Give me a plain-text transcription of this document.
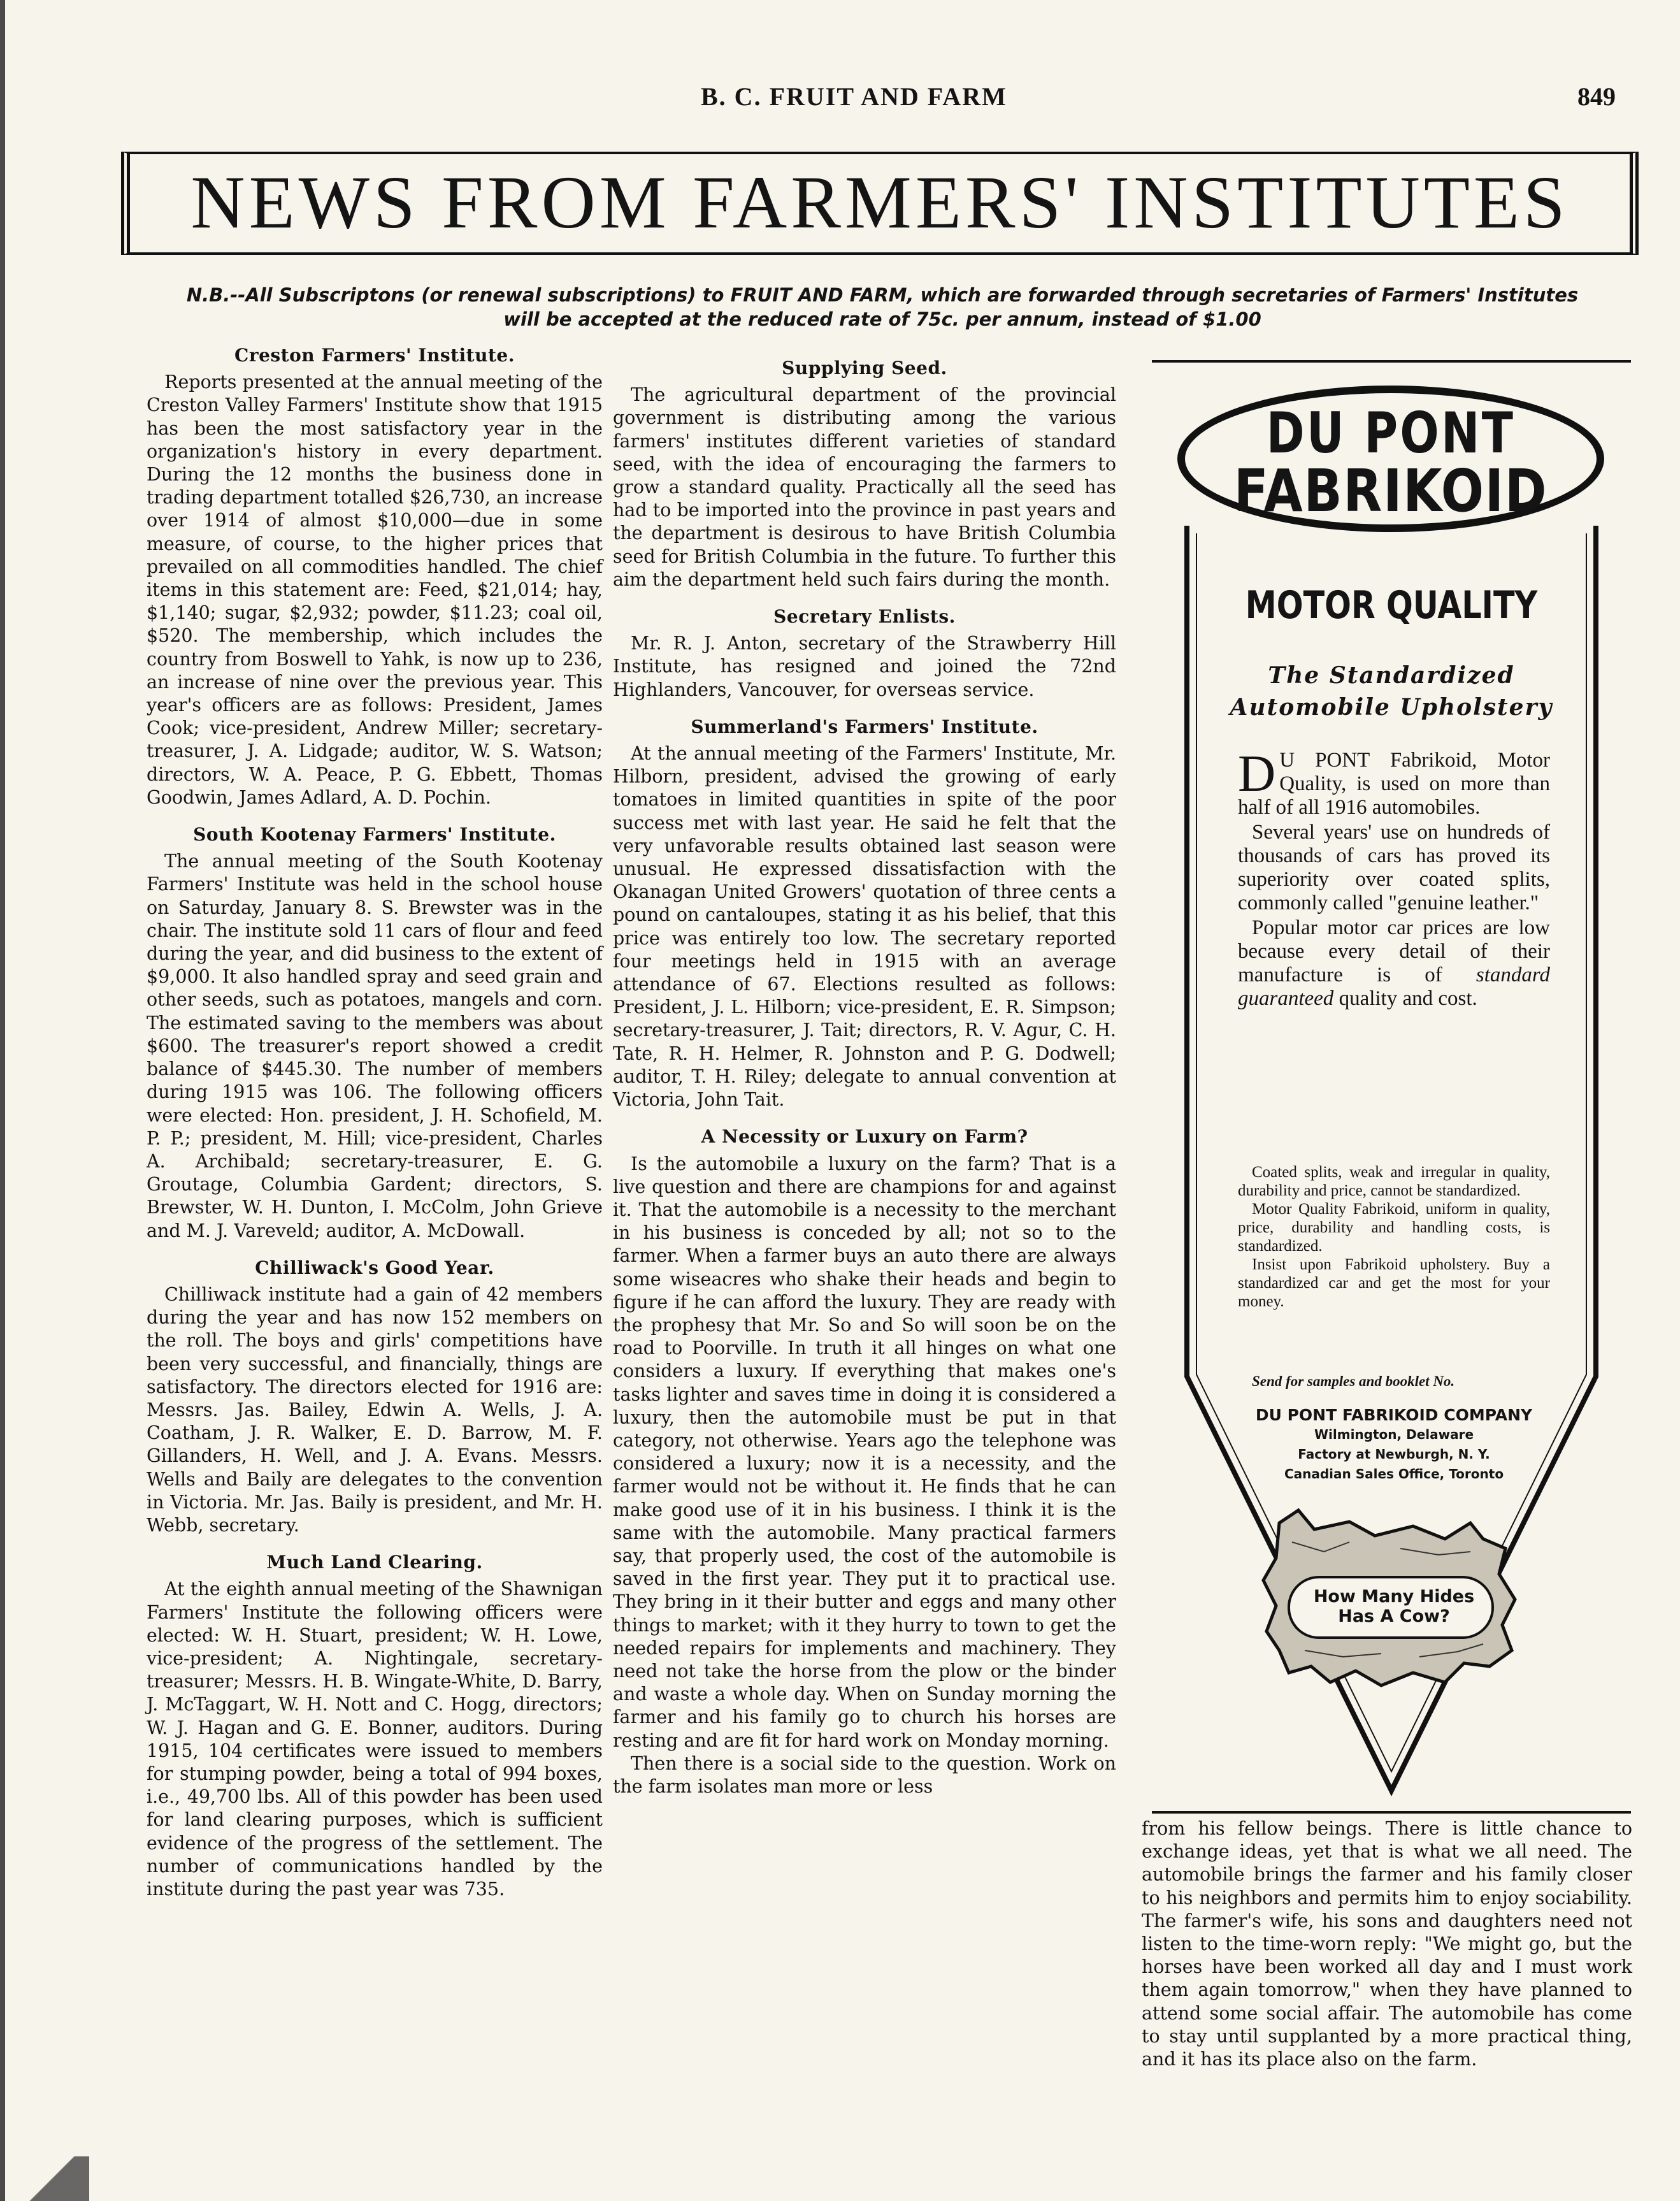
B. C. FRUIT AND FARM	849
NEWS FROM FARMERS' INSTITUTES
N.B.--All Subscriptons (or renewal subscriptions) to FRUIT AND FARM, which are forwarded through secretaries of Farmers' Institutes
will be accepted at the reduced rate of 75c. per annum, instead of $1.00
Creston Farmers' Institute.

Reports presented at the annual meeting of the Creston Valley Farmers' Institute show that 1915 has been the most satisfactory year in the organization's history in every department. During the 12 months the business done in trading department totalled $26,730, an increase over 1914 of almost $10,000—due in some measure, of course, to the higher prices that prevailed on all commodities handled. The chief items in this statement are: Feed, $21,014; hay, $1,140; sugar, $2,932; powder, $11.23; coal oil, $520. The membership, which includes the country from Boswell to Yahk, is now up to 236, an increase of nine over the previous year. This year's officers are as follows: President, James Cook; vice-president, Andrew Miller; secretary-treasurer, J. A. Lidgade; auditor, W. S. Watson; directors, W. A. Peace, P. G. Ebbett, Thomas Goodwin, James Adlard, A. D. Pochin.

South Kootenay Farmers' Institute.

The annual meeting of the South Kootenay Farmers' Institute was held in the school house on Saturday, January 8. S. Brewster was in the chair. The institute sold 11 cars of flour and feed during the year, and did business to the extent of $9,000. It also handled spray and seed grain and other seeds, such as potatoes, mangels and corn. The estimated saving to the members was about $600. The treasurer's report showed a credit balance of $445.30. The number of members during 1915 was 106. The following officers were elected: Hon. president, J. H. Schofield, M. P. P.; president, M. Hill; vice-president, Charles A. Archibald; secretary-treasurer, E. G. Groutage, Columbia Gardent; directors, S. Brewster, W. H. Dunton, I. McColm, John Grieve and M. J. Vareveld; auditor, A. McDowall.

Chilliwack's Good Year.

Chilliwack institute had a gain of 42 members during the year and has now 152 members on the roll. The boys and girls' competitions have been very successful, and financially, things are satisfactory. The directors elected for 1916 are: Messrs. Jas. Bailey, Edwin A. Wells, J. A. Coatham, J. R. Walker, E. D. Barrow, M. F. Gillanders, H. Well, and J. A. Evans. Messrs. Wells and Baily are delegates to the convention in Victoria. Mr. Jas. Baily is president, and Mr. H. Webb, secretary.

Much Land Clearing.

At the eighth annual meeting of the Shawnigan Farmers' Institute the following officers were elected: W. H. Stuart, president; W. H. Lowe, vice-president; A. Nightingale, secretary-treasurer; Messrs. H. B. Wingate-White, D. Barry, J. McTaggart, W. H. Nott and C. Hogg, directors; W. J. Hagan and G. E. Bonner, auditors. During 1915, 104 certificates were issued to members for stumping powder, being a total of 994 boxes, i.e., 49,700 lbs. All of this powder has been used for land clearing purposes, which is sufficient evidence of the progress of the settlement. The number of communications handled by the institute during the past year was 735.

Supplying Seed.

The agricultural department of the provincial government is distributing among the various farmers' institutes different varieties of standard seed, with the idea of encouraging the farmers to grow a standard quality. Practically all the seed has had to be imported into the province in past years and the department is desirous to have British Columbia seed for British Columbia in the future. To further this aim the department held such fairs during the month.

Secretary Enlists.

Mr. R. J. Anton, secretary of the Strawberry Hill Institute, has resigned and joined the 72nd Highlanders, Vancouver, for overseas service.

Summerland's Farmers' Institute.

At the annual meeting of the Farmers' Institute, Mr. Hilborn, president, advised the growing of early tomatoes in limited quantities in spite of the poor success met with last year. He said he felt that the very unfavorable results obtained last season were unusual. He expressed dissatisfaction with the Okanagan United Growers' quotation of three cents a pound on cantaloupes, stating it as his belief, that this price was entirely too low. The secretary reported four meetings held in 1915 with an average attendance of 67. Elections resulted as follows: President, J. L. Hilborn; vice-president, E. R. Simpson; secretary-treasurer, J. Tait; directors, R. V. Agur, C. H. Tate, R. H. Helmer, R. Johnston and P. G. Dodwell; auditor, T. H. Riley; delegate to annual convention at Victoria, John Tait.

A Necessity or Luxury on Farm?

Is the automobile a luxury on the farm? That is a live question and there are champions for and against it. That the automobile is a necessity to the merchant in his business is conceded by all; not so to the farmer. When a farmer buys an auto there are always some wiseacres who shake their heads and begin to figure if he can afford the luxury. They are ready with the prophesy that Mr. So and So will soon be on the road to Poorville. In truth it all hinges on what one considers a luxury. If everything that makes one's tasks lighter and saves time in doing it is considered a luxury, then the automobile must be put in that category, not otherwise. Years ago the telephone was considered a luxury; now it is a necessity, and the farmer would not be without it. He finds that he can make good use of it in his business. I think it is the same with the automobile. Many practical farmers say, that properly used, the cost of the automobile is saved in the first year. They put it to practical use. They bring in it their butter and eggs and many other things to market; with it they hurry to town to get the needed repairs for implements and machinery. They need not take the horse from the plow or the binder and waste a whole day. When on Sunday morning the farmer and his family go to church his horses are resting and are fit for hard work on Monday morning.

Then there is a social side to the question. Work on the farm isolates man more or less

from his fellow beings. There is little chance to exchange ideas, yet that is what we all need. The automobile brings the farmer and his family closer to his neighbors and permits him to enjoy sociability. The farmer's wife, his sons and daughters need not listen to the time-worn reply: "We might go, but the horses have been worked all day and I must work them again tomorrow," when they have planned to attend some social affair. The automobile has come to stay until supplanted by a more practical thing, and it has its place also on the farm.

DU PONT
FABRIKOID
MOTOR QUALITY
The Standardized
Automobile Upholstery

D U PONT Fabrikoid, Motor Quality, is used on more than half of all 1916 automobiles.

Several years' use on hundreds of thousands of cars has proved its superiority over coated splits, commonly called "genuine leather."

Popular motor car prices are low because every detail of their manufacture is of standard guaranteed quality and cost.

Coated splits, weak and irregular in quality, durability and price, cannot be standardized.

Motor Quality Fabrikoid, uniform in quality, price, durability and handling costs, is standardized.

Insist upon Fabrikoid upholstery. Buy a standardized car and get the most for your money.

Send for samples and booklet No.
DU PONT FABRIKOID COMPANY
Wilmington, Delaware
Factory at Newburgh, N. Y.
Canadian Sales Office, Toronto
How Many Hides
Has A Cow?
